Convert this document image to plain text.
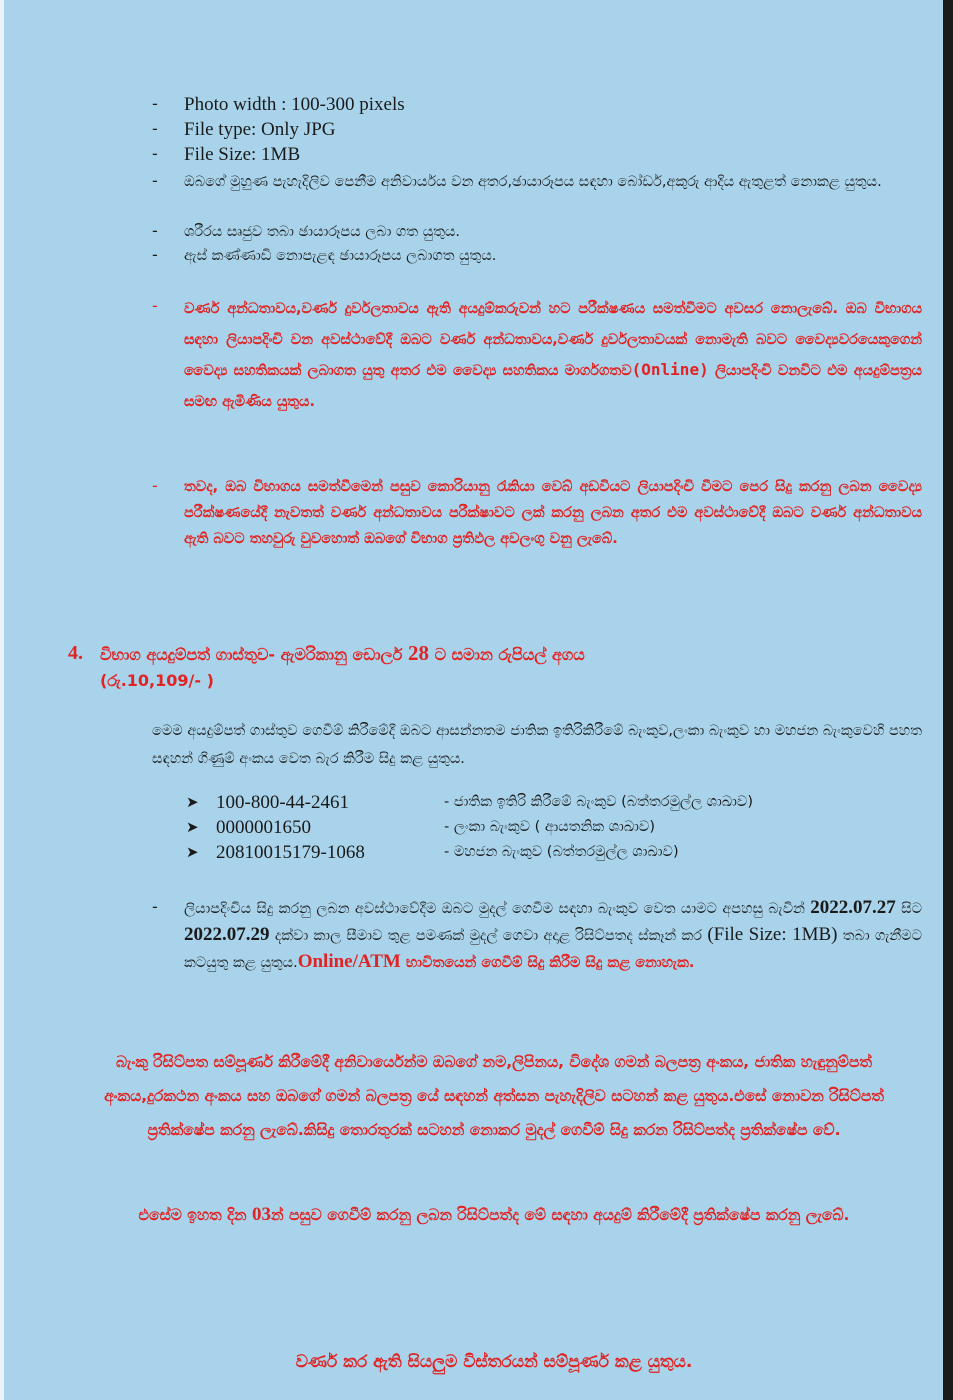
-	Photo width : 100-300 pixels
-	File type: Only JPG
-	File Size: 1MB
-	ඔබගේ මුහුණ පැහැදිලිව පෙනීම අනිවාර්යය වන අතර,ඡායාරූපය සඳහා බෝඩර්,අකුරු ආදිය ඇතුළත් නොකළ යුතුය.
-	ශරීරය සෘජුව තබා ඡායාරූපය ලබා ගත යුතුය.
-	ඇස් කණ්ණාඩි නොපැළඳ ඡායාරූපය ලබාගත යුතුය.
-	වර්ණ අන්ධතාවය,වර්ණ දුර්වලතාවය ඇති අයදුම්කරුවන් හට පරීක්ෂණය සමත්වීමට අවසර නොලැබේ. ඔබ විභාගය සඳහා ලියාපදිංචි වන අවස්ථාවේදී ඔබට වර්ණ අන්ධතාවය,වර්ණ දුර්වලතාවයක් නොමැති බවට වෛද්‍යවරයෙකුගෙන් වෛද්‍ය සහතිකයක් ලබාගත යුතු අතර එම වෛද්‍ය සහතිකය මාර්ගගතව(Online) ලියාපදිංචි වනවිට එම අයදුම්පත්‍රය සමඟ ඇමිණිය යුතුය.
-	තවද, ඔබ විභාගය සමත්වීමෙන් පසුව කොරියානු රැකියා වෙබ් අඩවියට ලියාපදිංචි වීමට පෙර සිදු කරනු ලබන වෛද්‍ය පරීක්ෂණයේදී නැවතත් වර්ණ අන්ධතාවය පරීක්ෂාවට ලක් කරනු ලබන අතර එම අවස්ථාවේදී ඔබට වර්ණ අන්ධතාවය ඇති බවට තහවුරු වුවහොත් ඔබගේ විභාග ප්‍රතිඵල අවලංගු වනු ලැබේ.
4.	විභාග අයදුම්පත් ගාස්තුව- ඇමරිකානු ඩොලර් 28 ට සමාන රුපියල් අගය
(රු.10,109/- )
මෙම අයදුම්පත් ගාස්තුව ගෙවීම් කිරීමේදී ඔබට ආසන්නතම ජාතික ඉතිරිකිරීමේ බැංකුව,ලංකා බැංකුව හා මහජන බැංකුවෙහි පහත සඳහන් ගිණුම් අංකය වෙත බැර කිරීම සිදු කළ යුතුය.
➤ 100-800-44-2461	- ජාතික ඉතිරි කිරීමේ බැංකුව (බත්තරමුල්ල ශාඛාව)
➤ 0000001650	- ලංකා බැංකුව ( ආයතනික ශාඛාව)
➤ 20810015179-1068	- මහජන බැංකුව (බත්තරමුල්ල ශාඛාව)
-	ලියාපදිංචිය සිදු කරනු ලබන අවස්ථාවේදීම ඔබට මුදල් ගෙවීම සඳහා බැංකුව වෙත යාමට අපහසු බැවින් 2022.07.27 සිට 2022.07.29 දක්වා කාල සීමාව තුළ පමණක් මුදල් ගෙවා අදාළ රිසිට්පතද ස්කෑන් කර (File Size: 1MB) තබා ගැනීමට කටයුතු කළ යුතුය.Online/ATM භාවිතයෙන් ගෙවීම් සිදු කිරීම සිදු කළ නොහැක.
බැංකු රිසිට්පත සම්පූර්ණ කිරීමේදී අනිවාර්යෙන්ම ඔබගේ නම,ලිපිනය, විදේශ ගමන් බලපත්‍ර අංකය, ජාතික හැඳුනුම්පත් අංකය,දුරකථන අංකය සහ ඔබගේ ගමන් බලපත්‍ර යේ සඳහන් අත්සන පැහැදිලිව සටහන් කළ යුතුය.එසේ නොවන රිසිට්පත් ප්‍රතික්ෂේප කරනු ලැබේ.කිසිදු තොරතුරක් සටහන් නොකර මුදල් ගෙවීම් සිදු කරන රිසිට්පත්ද ප්‍රතික්ෂේප වේ.
එසේම ඉහත දින 03න් පසුව ගෙවීම් කරනු ලබන රිසිට්පත්ද මේ සඳහා අයදුම් කිරීමේදී ප්‍රතික්ෂේප කරනු ලැබේ.
වර්ණ කර ඇති සියලුම විස්තරයන් සම්පූර්ණ කළ යුතුය.
